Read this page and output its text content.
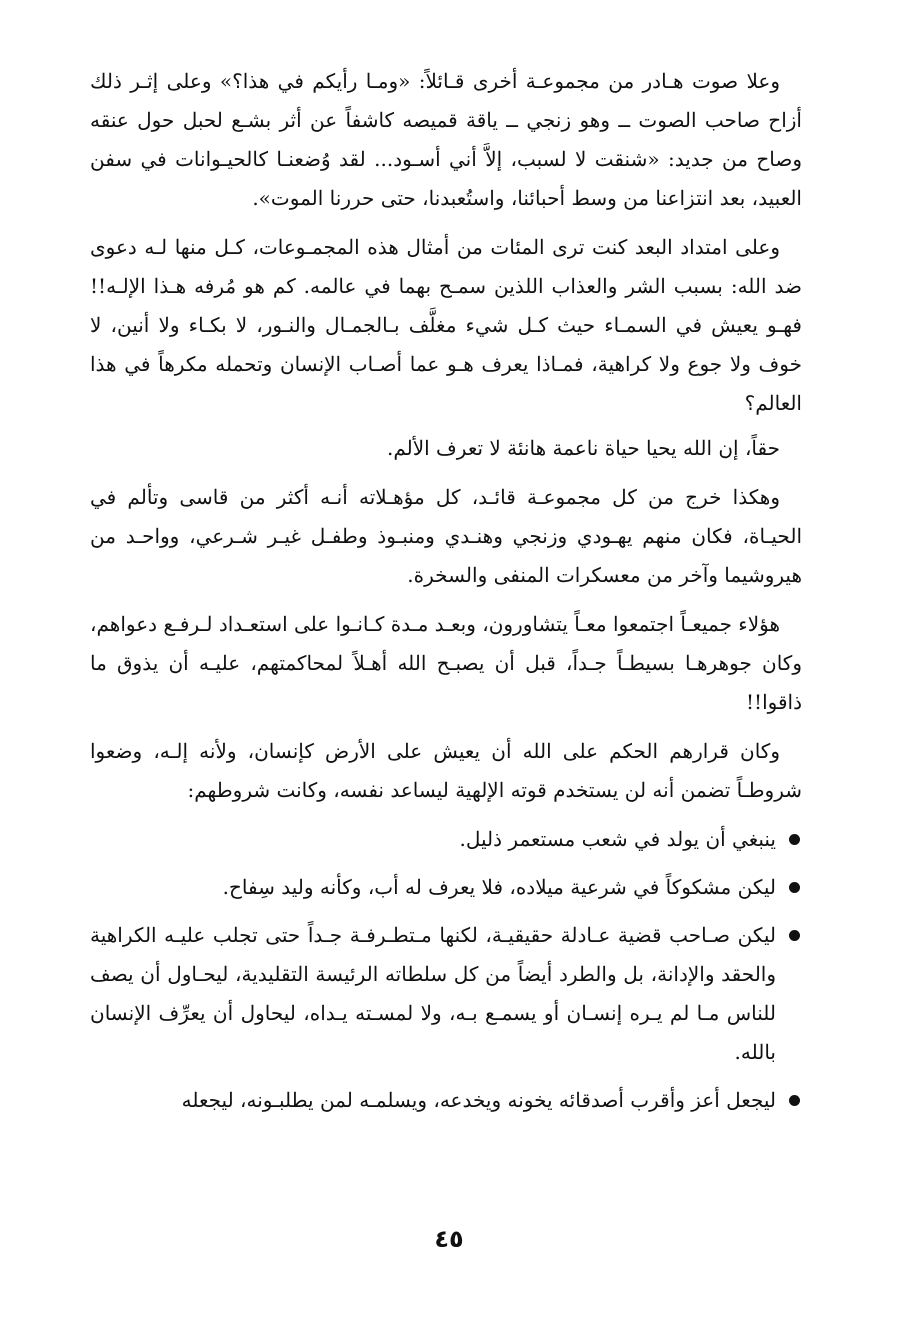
وعلا صوت هـادر من مجموعـة أخرى قـائلاً: «ومـا رأيكم في هذا؟» وعلى إثـر ذلك أزاح صاحب الصوت ــ وهو زنجي ــ ياقة قميصه كاشفاً عن أثر بشـع لحبل حول عنقه وصاح من جديد: «شنقت لا لسبب، إلاَّ أني أسـود... لقد وُضعنـا كالحيـوانات في سفن العبيد، بعد انتزاعنا من وسط أحبائنا، واستُعبدنا، حتى حررنا الموت».

وعلى امتداد البعد كنت ترى المئات من أمثال هذه المجمـوعات، كـل منها لـه دعوى ضد الله: بسبب الشر والعذاب اللذين سمـح بهما في عالمه. كم هو مُرفه هـذا الإلـه!! فهـو يعيش في السمـاء حيث كـل شيء مغلَّف بـالجمـال والنـور، لا بكـاء ولا أنين، لا خوف ولا جوع ولا كراهية، فمـاذا يعرف هـو عما أصـاب الإنسان وتحمله مكرهاً في هذا العالم؟

حقاً، إن الله يحيا حياة ناعمة هانئة لا تعرف الألم.

وهكذا خرج من كل مجموعـة قائـد، كل مؤهـلاته أنـه أكثر من قاسى وتألم في الحيـاة، فكان منهم يهـودي وزنجي وهنـدي ومنبـوذ وطفـل غيـر شـرعي، وواحـد من هيروشيما وآخر من معسكرات المنفى والسخرة.

هؤلاء جميعـاً اجتمعوا معـاً يتشاورون، وبعـد مـدة كـانـوا على استعـداد لـرفـع دعواهم، وكان جوهرهـا بسيطـاً جـداً، قبل أن يصبـح الله أهـلاً لمحاكمتهم، عليـه أن يذوق ما ذاقوا!!

وكان قرارهم الحكم على الله أن يعيش على الأرض كإنسان، ولأنه إلـه، وضعوا شروطـاً تضمن أنه لن يستخدم قوته الإلهية ليساعد نفسه، وكانت شروطهم:

ينبغي أن يولد في شعب مستعمر ذليل.
ليكن مشكوكاً في شرعية ميلاده، فلا يعرف له أب، وكأنه وليد سِفاح.
ليكن صـاحب قضية عـادلة حقيقيـة، لكنها مـتطـرفـة جـداً حتى تجلب عليـه الكراهية والحقد والإدانة، بل والطرد أيضاً من كل سلطاته الرئيسة التقليدية، ليحـاول أن يصف للناس مـا لم يـره إنسـان أو يسمـع بـه، ولا لمسـته يـداه، ليحاول أن يعرِّف الإنسان بالله.
ليجعل أعز وأقرب أصدقائه يخونه ويخدعه، ويسلمـه لمن يطلبـونه، ليجعله
٤٥
